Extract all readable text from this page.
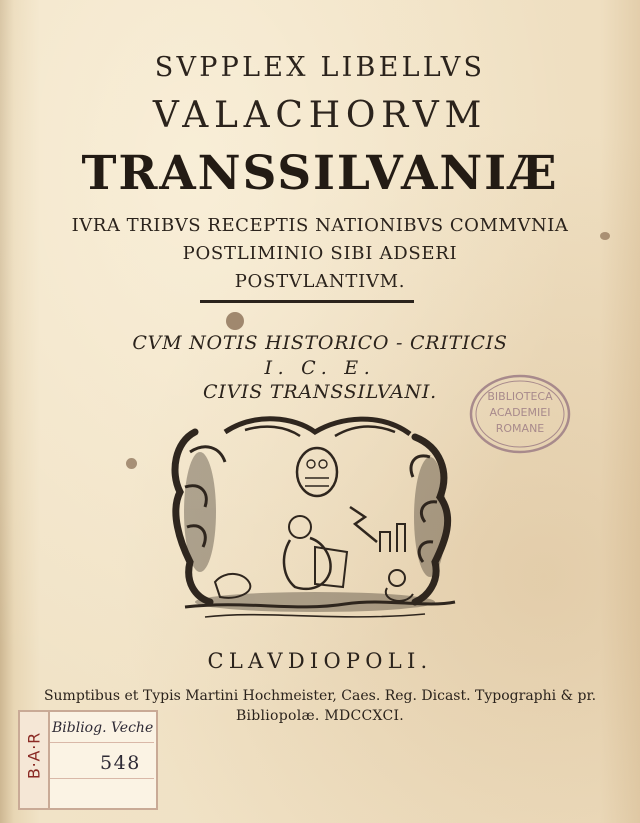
SVPPLEX LIBELLVS
VALACHORVM
TRANSSILVANIÆ
IVRA TRIBVS RECEPTIS NATIONIBVS COMMVNIA
POSTLIMINIO SIBI ADSERI
POSTVLANTIVM.
CVM NOTIS HISTORICO - CRITICIS
I. C. E.
CIVIS TRANSSILVANI.	BIBLIOTECA
ACADEMIEI
ROMANE
CLAVDIOPOLI.
Sumptibus et Typis Martini Hochmeister, Caes. Reg. Dicast. Typographi & pr.
Bibliopolæ. MDCCXCI.
B·A·R
Bibliog. Veche
548
